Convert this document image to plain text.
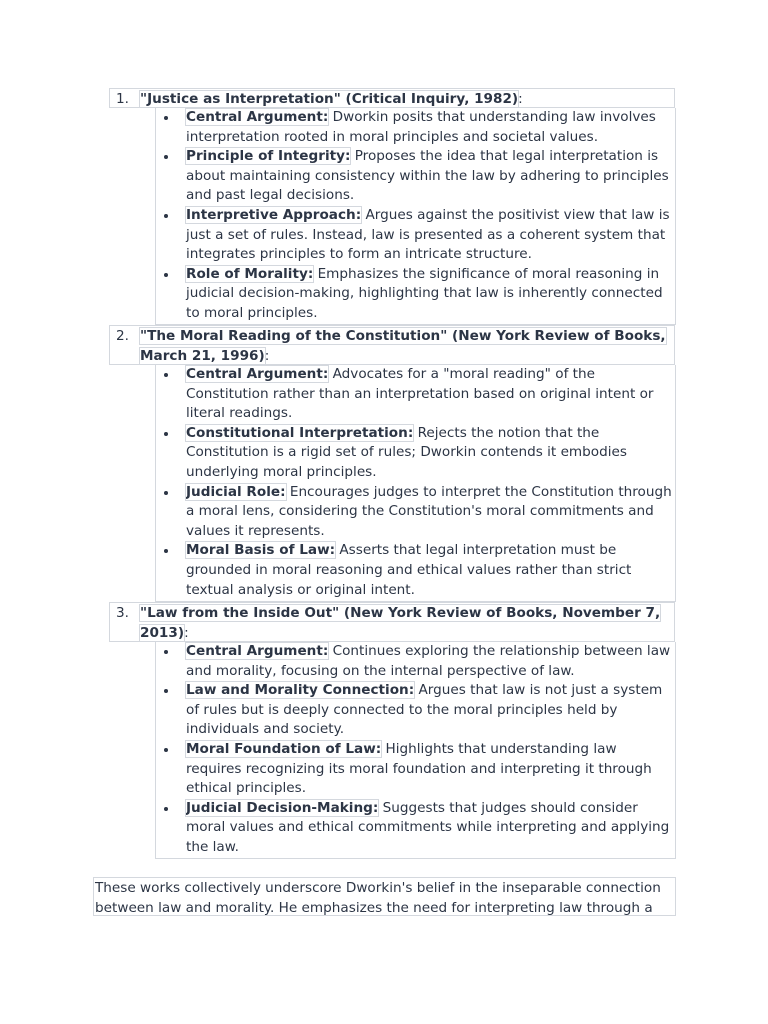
1. "Justice as Interpretation" (Critical Inquiry, 1982):
Central Argument: Dworkin posits that understanding law involves interpretation rooted in moral principles and societal values.
Principle of Integrity: Proposes the idea that legal interpretation is about maintaining consistency within the law by adhering to principles and past legal decisions.
Interpretive Approach: Argues against the positivist view that law is just a set of rules. Instead, law is presented as a coherent system that integrates principles to form an intricate structure.
Role of Morality: Emphasizes the significance of moral reasoning in judicial decision-making, highlighting that law is inherently connected to moral principles.
2. "The Moral Reading of the Constitution" (New York Review of Books, March 21, 1996):
Central Argument: Advocates for a "moral reading" of the Constitution rather than an interpretation based on original intent or literal readings.
Constitutional Interpretation: Rejects the notion that the Constitution is a rigid set of rules; Dworkin contends it embodies underlying moral principles.
Judicial Role: Encourages judges to interpret the Constitution through a moral lens, considering the Constitution's moral commitments and values it represents.
Moral Basis of Law: Asserts that legal interpretation must be grounded in moral reasoning and ethical values rather than strict textual analysis or original intent.
3. "Law from the Inside Out" (New York Review of Books, November 7, 2013):
Central Argument: Continues exploring the relationship between law and morality, focusing on the internal perspective of law.
Law and Morality Connection: Argues that law is not just a system of rules but is deeply connected to the moral principles held by individuals and society.
Moral Foundation of Law: Highlights that understanding law requires recognizing its moral foundation and interpreting it through ethical principles.
Judicial Decision-Making: Suggests that judges should consider moral values and ethical commitments while interpreting and applying the law.
These works collectively underscore Dworkin's belief in the inseparable connection between law and morality. He emphasizes the need for interpreting law through a
